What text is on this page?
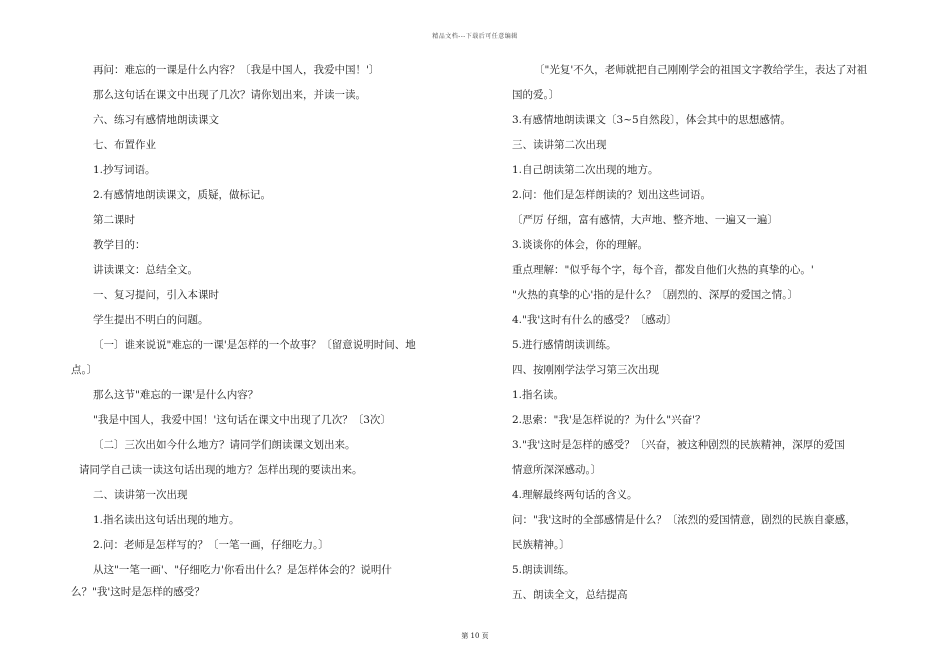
精品文档---下载后可任意编辑
再问：难忘的一课是什么内容？〔我是中国人，我爱中国！'〕
那么这句话在课文中出现了几次？请你划出来，并读一读。
六、练习有感情地朗读课文
七、布置作业
1.抄写词语。
2.有感情地朗读课文，质疑，做标记。
第二课时
教学目的：
讲读课文：总结全文。
一、复习提问，引入本课时
学生提出不明白的问题。
〔一〕谁来说说"难忘的一课'是怎样的一个故事？〔留意说明时间、地
点。〕
那么这节"难忘的一课'是什么内容？
"我是中国人，我爱中国！'这句话在课文中出现了几次？〔3次〕
〔二〕三次出如今什么地方？请同学们朗读课文划出来。
请同学自己读一读这句话出现的地方？怎样出现的要读出来。
二、读讲第一次出现
1.指名读出这句话出现的地方。
2.问：老师是怎样写的？〔一笔一画，仔细吃力。〕
从这"一笔一画'、"仔细吃力'你看出什么？是怎样体会的？说明什
么？"我'这时是怎样的感受？
〔"光复'不久，老师就把自己刚刚学会的祖国文字教给学生，表达了对祖
国的爱。〕
3.有感情地朗读课文〔3~5自然段〕，体会其中的思想感情。
三、读讲第二次出现
1.自己朗读第二次出现的地方。
2.问：他们是怎样朗读的？划出这些词语。
〔严厉 仔细，富有感情，大声地、整齐地、一遍又一遍〕
3.谈谈你的体会，你的理解。
重点理解："似乎每个字，每个音，都发自他们火热的真挚的心。'
"火热的真挚的心'指的是什么？〔剧烈的、深厚的爱国之情。〕
4."我'这时有什么的感受？〔感动〕
5.进行感情朗读训练。
四、按刚刚学法学习第三次出现
1.指名读。
2.思索："我'是怎样说的？为什么"兴奋'？
3."我'这时是怎样的感受？〔兴奋，被这种剧烈的民族精神，深厚的爱国
情意所深深感动。〕
4.理解最终两句话的含义。
问："我'这时的全部感情是什么？〔浓烈的爱国情意，剧烈的民族自豪感，
民族精神。〕
5.朗读训练。
五、朗读全文，总结提高
第 10 页
